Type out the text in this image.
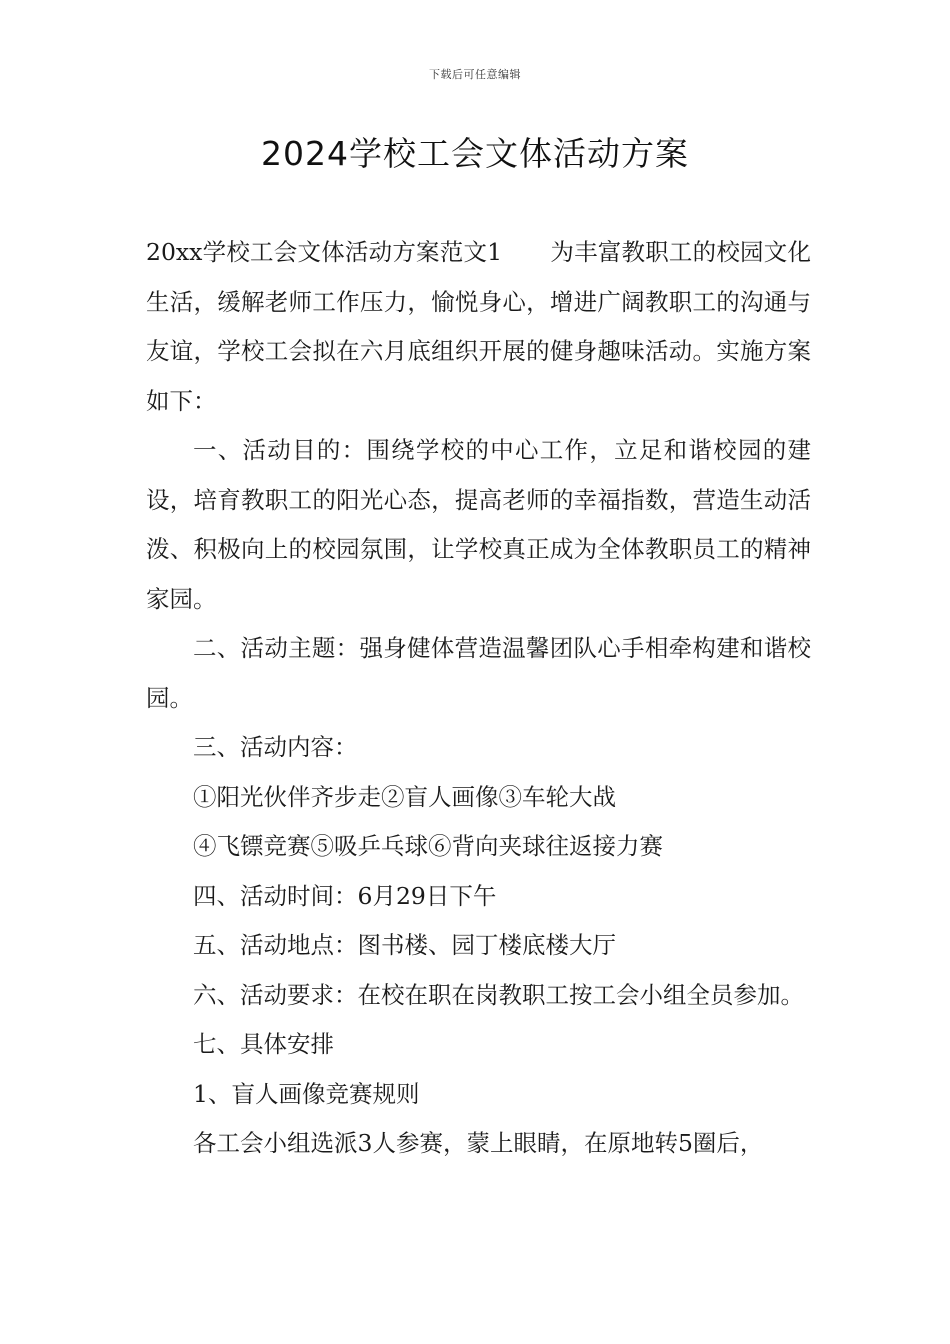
下载后可任意编辑
2024学校工会文体活动方案

20xx学校工会文体活动方案范文1 为丰富教职工的校园文化生活，缓解老师工作压力，愉悦身心，增进广阔教职工的沟通与友谊，学校工会拟在六月底组织开展的健身趣味活动。实施方案如下：

一、活动目的：围绕学校的中心工作，立足和谐校园的建设，培育教职工的阳光心态，提高老师的幸福指数，营造生动活泼、积极向上的校园氛围，让学校真正成为全体教职员工的精神家园。

二、活动主题：强身健体营造温馨团队心手相牵构建和谐校园。

三、活动内容：

①阳光伙伴齐步走②盲人画像③车轮大战

④飞镖竞赛⑤吸乒乓球⑥背向夹球往返接力赛

四、活动时间：6月29日下午

五、活动地点：图书楼、园丁楼底楼大厅

六、活动要求：在校在职在岗教职工按工会小组全员参加。

七、具体安排

1、盲人画像竞赛规则

各工会小组选派3人参赛，蒙上眼睛，在原地转5圈后，
